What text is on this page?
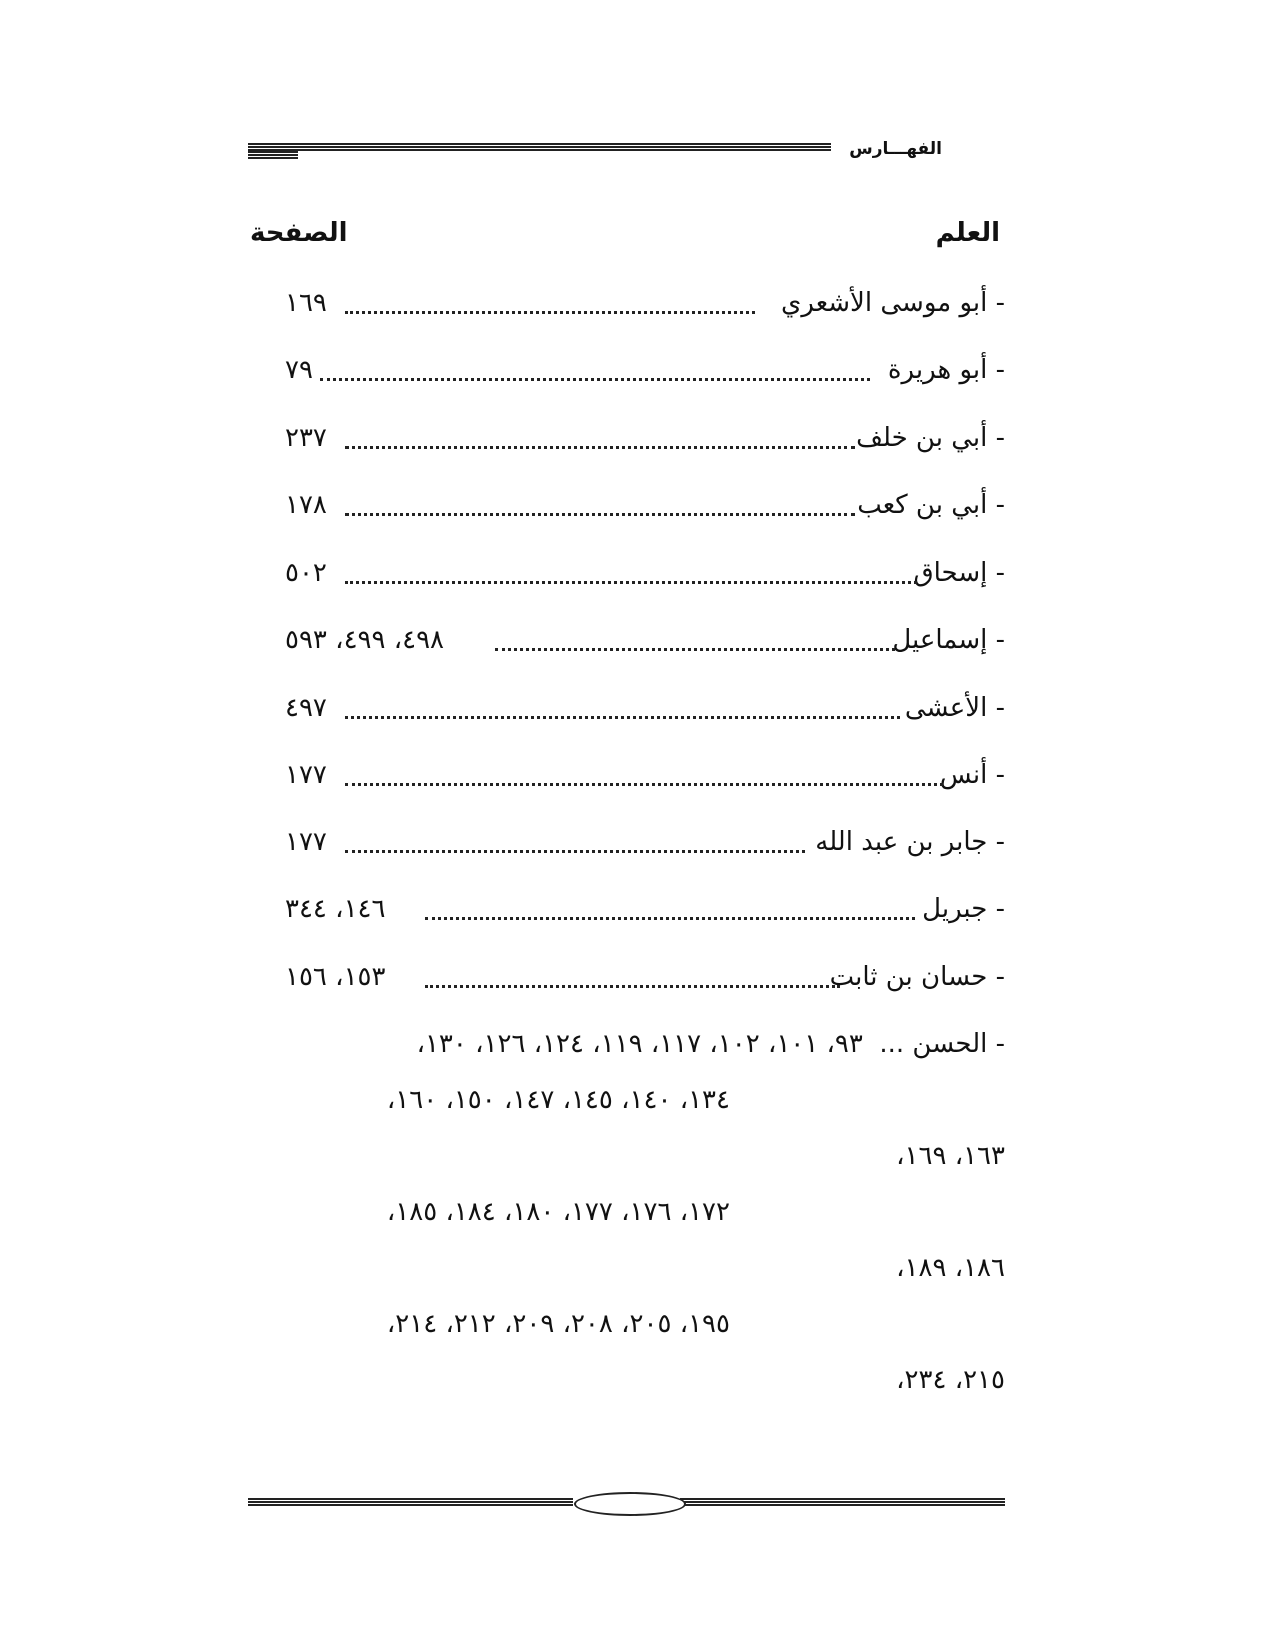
الفهـــارس
العلم
الصفحة
- أبو موسى الأشعري
١٦٩
- أبو هريرة
٧٩
- أبي بن خلف
٢٣٧
- أبي بن كعب
١٧٨
- إسحاق
٥٠٢
- إسماعيل
٤٩٨، ٤٩٩، ٥٩٣
- الأعشى
٤٩٧
- أنس
١٧٧
- جابر بن عبد الله
١٧٧
- جبريل
١٤٦، ٣٤٤
- حسان بن ثابت
١٥٣، ١٥٦
- الحسن ...  ٩٣، ١٠١، ١٠٢، ١١٧، ١١٩، ١٢٤، ١٢٦، ١٣٠،
١٣٤، ١٤٠، ١٤٥، ١٤٧، ١٥٠، ١٦٠،
١٦٣، ١٦٩،
١٧٢، ١٧٦، ١٧٧، ١٨٠، ١٨٤، ١٨٥،
١٨٦، ١٨٩،
١٩٥، ٢٠٥، ٢٠٨، ٢٠٩، ٢١٢، ٢١٤،
٢١٥، ٢٣٤،
